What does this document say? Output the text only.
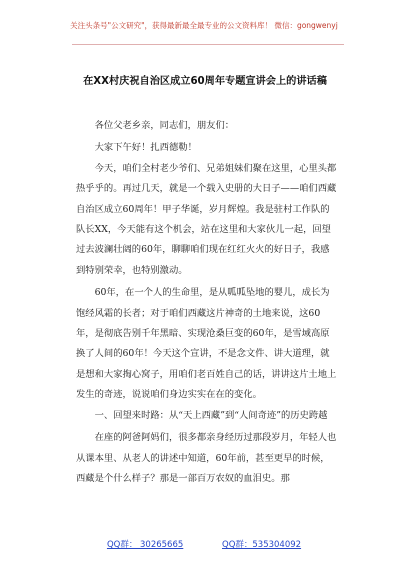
关注头条号"公文研究"，获得最新最全最专业的公文资料库！ 微信：gongwenyj
在XX村庆祝自治区成立60周年专题宣讲会上的讲话稿

各位父老乡亲，同志们，朋友们：

大家下午好！扎西德勒！

今天，咱们全村老少爷们、兄弟姐妹们聚在这里，心里头都热乎乎的。再过几天，就是一个载入史册的大日子——咱们西藏自治区成立60周年！甲子华诞，岁月辉煌。我是驻村工作队的队长XX，今天能有这个机会，站在这里和大家伙儿一起，回望过去波澜壮阔的60年，聊聊咱们现在红红火火的好日子，我感到特别荣幸，也特别激动。

60年，在一个人的生命里，是从呱呱坠地的婴儿，成长为饱经风霜的长者；对于咱们西藏这片神奇的土地来说，这60年，是彻底告别千年黑暗、实现沧桑巨变的60年，是雪域高原换了人间的60年！今天这个宣讲，不是念文件、讲大道理，就是想和大家掏心窝子，用咱们老百姓自己的话，讲讲这片土地上发生的奇迹，说说咱们身边实实在在的变化。

一、回望来时路：从“天上西藏”到“人间奇迹”的历史跨越

在座的阿爸阿妈们，很多都亲身经历过那段岁月，年轻人也从课本里、从老人的讲述中知道，60年前，甚至更早的时候，西藏是个什么样子？那是一部百万农奴的血泪史。那

QQ群： 30265665	QQ群：535304092
